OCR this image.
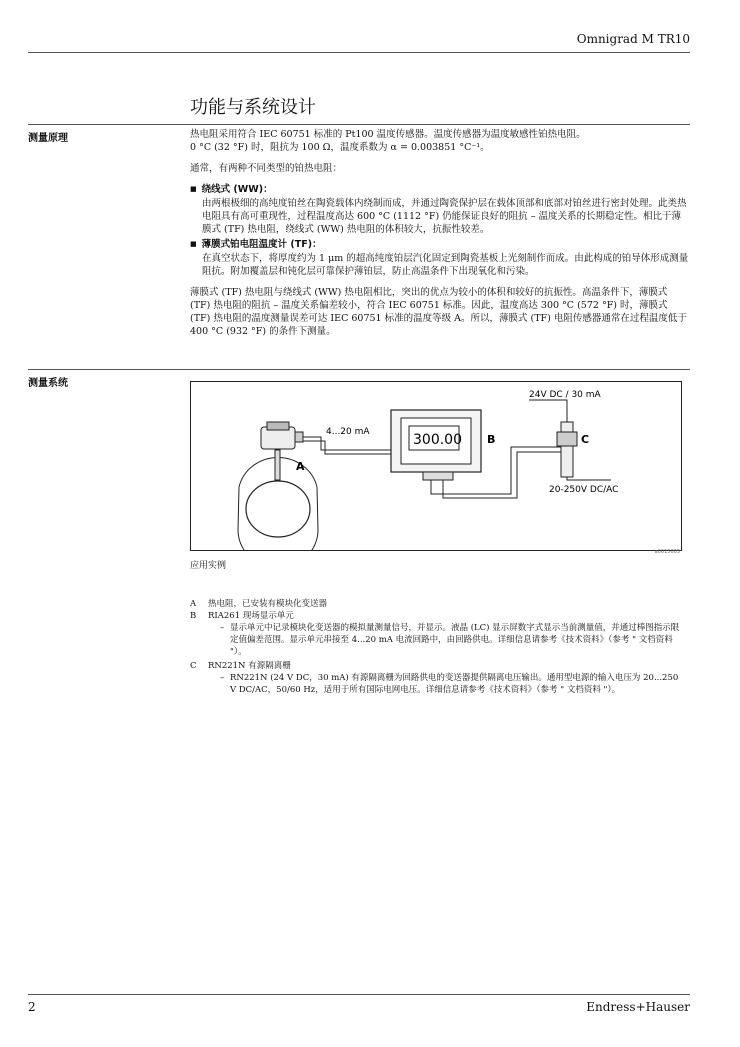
Omnigrad M TR10
功能与系统设计
测量原理	热电阻采用符合 IEC 60751 标准的 Pt100 温度传感器。温度传感器为温度敏感性铂热电阻。
0 °C (32 °F) 时，阻抗为 100 Ω，温度系数为 α = 0.003851 °C⁻¹。

通常，有两种不同类型的铂热电阻：

■ 绕线式 (WW)：
由两根极细的高纯度铂丝在陶瓷载体内绕制而成，并通过陶瓷保护层在载体顶部和底部对铂丝进行密封处理。此类热电阻具有高可重现性，过程温度高达 600 °C (1112 °F) 仍能保证良好的阻抗 – 温度关系的长期稳定性。相比于薄膜式 (TF) 热电阻，绕线式 (WW) 热电阻的体积较大，抗振性较差。
■ 薄膜式铂电阻温度计 (TF)：
在真空状态下，将厚度约为 1 μm 的超高纯度铂层汽化固定到陶瓷基板上光刻制作而成。由此构成的铂导体形成测量阻抗。附加覆盖层和钝化层可靠保护薄铂层，防止高温条件下出现氧化和污染。

薄膜式 (TF) 热电阻与绕线式 (WW) 热电阻相比，突出的优点为较小的体积和较好的抗振性。高温条件下，薄膜式 (TF) 热电阻的阻抗 – 温度关系偏差较小，符合 IEC 60751 标准。因此，温度高达 300 °C (572 °F) 时，薄膜式 (TF) 热电阻的温度测量误差可达 IEC 60751 标准的温度等级 A。所以，薄膜式 (TF) 电阻传感器通常在过程温度低于 400 °C (932 °F) 的条件下测量。

测量系统
4...20 mA
A
300.00 B	C
24V DC / 30 mA
20-250V DC/AC
a0015005
应用实例
A	热电阻，已安装有模块化变送器
B	RIA261 现场显示单元
– 显示单元中记录模块化变送器的模拟量测量信号，并显示。液晶 (LC) 显示屏数字式显示当前测量值，并通过棒图指示限定值偏差范围。显示单元串接至 4...20 mA 电流回路中，由回路供电。详细信息请参考《技术资料》（参考 " 文档资料 "）。
C	RN221N 有源隔离栅
– RN221N (24 V DC，30 mA) 有源隔离栅为回路供电的变送器提供隔离电压输出。通用型电源的输入电压为 20...250 V DC/AC，50/60 Hz，适用于所有国际电网电压。详细信息请参考《技术资料》（参考 " 文档资料 "）。
2	Endress+Hauser
